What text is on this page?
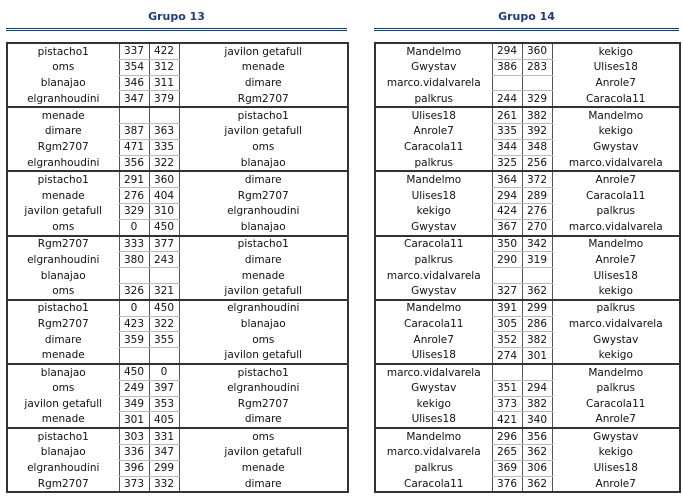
Grupo 13
pistacho1	337	422	javilon getafull
oms	354	312	menade
blanajao	346	311	dimare
elgranhoudini	347	379	Rgm2707
menade			pistacho1
dimare	387	363	javilon getafull
Rgm2707	471	335	oms
elgranhoudini	356	322	blanajao
pistacho1	291	360	dimare
menade	276	404	Rgm2707
javilon getafull	329	310	elgranhoudini
oms	0	450	blanajao
Rgm2707	333	377	pistacho1
elgranhoudini	380	243	dimare
blanajao			menade
oms	326	321	javilon getafull
pistacho1	0	450	elgranhoudini
Rgm2707	423	322	blanajao
dimare	359	355	oms
menade			javilon getafull
blanajao	450	0	pistacho1
oms	249	397	elgranhoudini
javilon getafull	349	353	Rgm2707
menade	301	405	dimare
pistacho1	303	331	oms
blanajao	336	347	javilon getafull
elgranhoudini	396	299	menade
Rgm2707	373	332	dimare
Grupo 14
Mandelmo	294	360	kekigo
Gwystav	386	283	Ulises18
marco.vidalvarela			Anrole7
palkrus	244	329	Caracola11
Ulises18	261	382	Mandelmo
Anrole7	335	392	kekigo
Caracola11	344	348	Gwystav
palkrus	325	256	marco.vidalvarela
Mandelmo	364	372	Anrole7
Ulises18	294	289	Caracola11
kekigo	424	276	palkrus
Gwystav	367	270	marco.vidalvarela
Caracola11	350	342	Mandelmo
palkrus	290	319	Anrole7
marco.vidalvarela			Ulises18
Gwystav	327	362	kekigo
Mandelmo	391	299	palkrus
Caracola11	305	286	marco.vidalvarela
Anrole7	352	382	Gwystav
Ulises18	274	301	kekigo
marco.vidalvarela			Mandelmo
Gwystav	351	294	palkrus
kekigo	373	382	Caracola11
Ulises18	421	340	Anrole7
Mandelmo	296	356	Gwystav
marco.vidalvarela	265	362	kekigo
palkrus	369	306	Ulises18
Caracola11	376	362	Anrole7
